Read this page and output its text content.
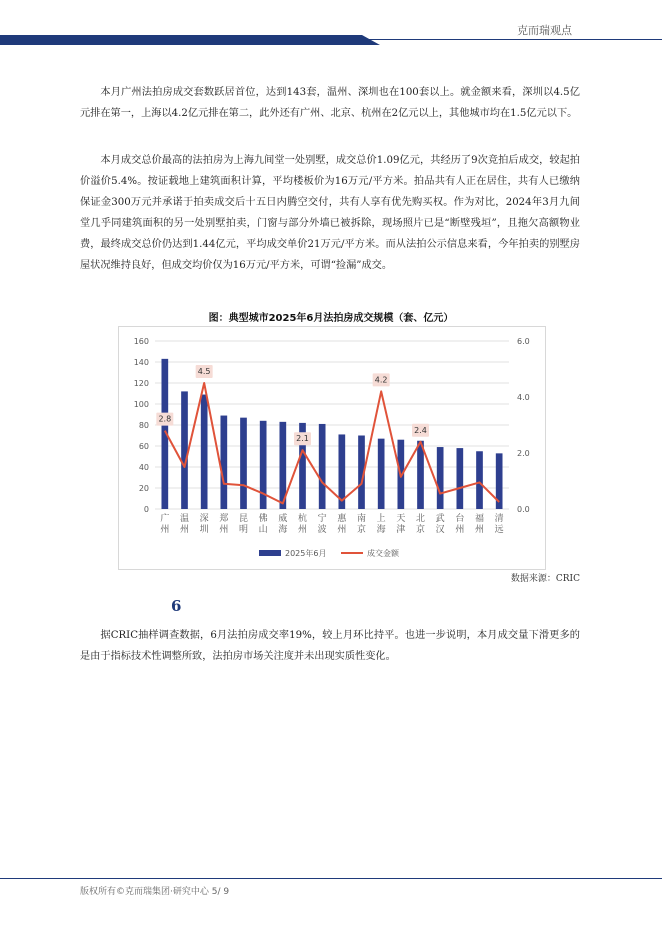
克而瑞观点

本月广州法拍房成交套数跃居首位，达到143套，温州、深圳也在100套以上。就金额来看，深圳以4.5亿元排在第一，上海以4.2亿元排在第二，此外还有广州、北京、杭州在2亿元以上，其他城市均在1.5亿元以下。

本月成交总价最高的法拍房为上海九间堂一处别墅，成交总价1.09亿元，共经历了9次竞拍后成交，较起拍价溢价5.4%。按证载地上建筑面积计算，平均楼板价为16万元/平方米。拍品共有人正在居住，共有人已缴纳保证金300万元并承诺于拍卖成交后十五日内腾空交付，共有人享有优先购买权。作为对比，2024年3月九间堂几乎同建筑面积的另一处别墅拍卖，门窗与部分外墙已被拆除，现场照片已是“断壁残垣”，且拖欠高额物业费，最终成交总价仍达到1.44亿元，平均成交单价21万元/平方米。而从法拍公示信息来看，今年拍卖的别墅房屋状况维持良好，但成交均价仅为16万元/平方米，可谓“捡漏”成交。

图：典型城市2025年6月法拍房成交规模（套、亿元）
0
20
40
60
80
100
120
140
160
0.0
2.0
4.0
6.0
2.8
4.5
2.1
4.2
2.4
广州
温州
深圳
郑州
昆明
佛山
威海
杭州
宁波
惠州
南京
上海
天津
北京
武汉
台州
福州
清远
2025年6月	成交金额
数据来源：CRIC
6

据CRIC抽样调查数据，6月法拍房成交率19%，较上月环比持平。也进一步说明，本月成交量下滑更多的是由于指标技术性调整所致，法拍房市场关注度并未出现实质性变化。

版权所有©克而瑞集团·研究中心 5/ 9
